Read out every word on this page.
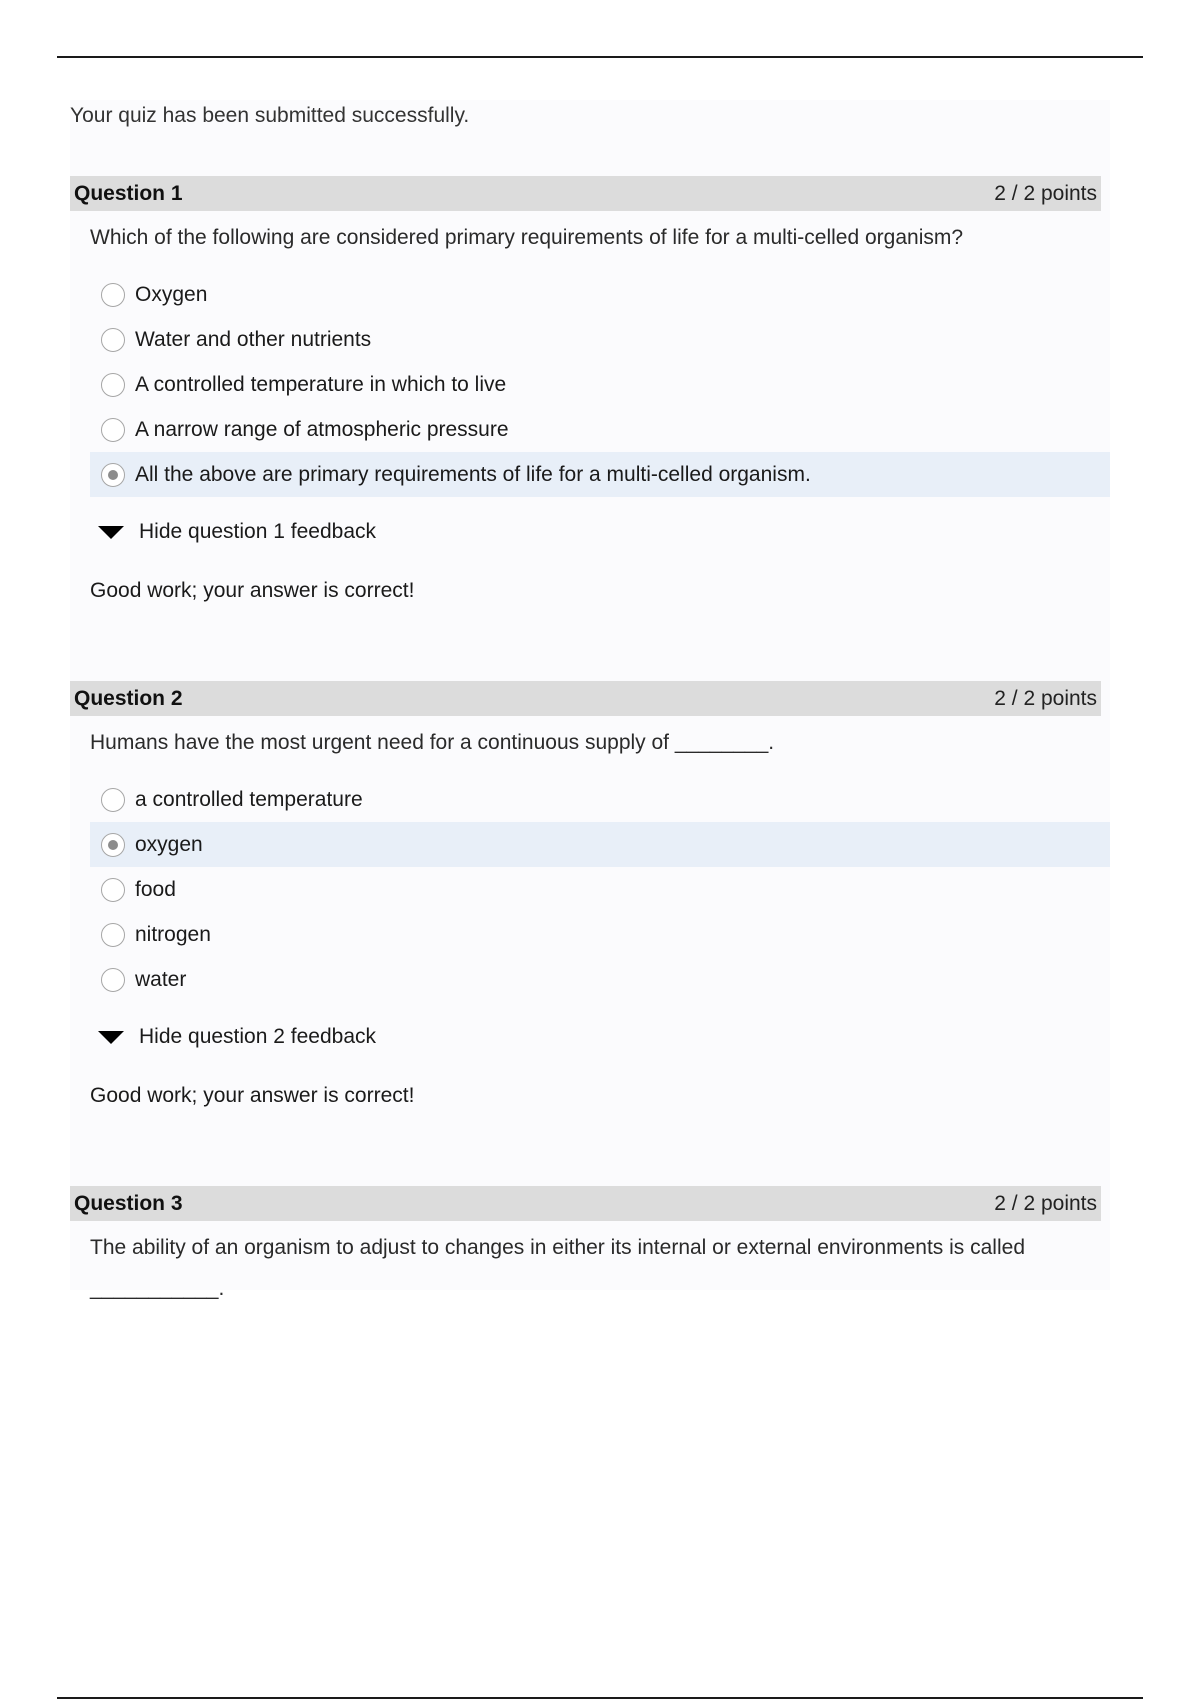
Your quiz has been submitted successfully.
Question 1	2 / 2 points
Which of the following are considered primary requirements of life for a multi-celled organism?
Oxygen
Water and other nutrients
A controlled temperature in which to live
A narrow range of atmospheric pressure
All the above are primary requirements of life for a multi-celled organism.
Hide question 1 feedback
Good work; your answer is correct!
Question 2	2 / 2 points
Humans have the most urgent need for a continuous supply of ________.
a controlled temperature
oxygen
food
nitrogen
water
Hide question 2 feedback
Good work; your answer is correct!
Question 3	2 / 2 points
The ability of an organism to adjust to changes in either its internal or external environments is called ___________.
